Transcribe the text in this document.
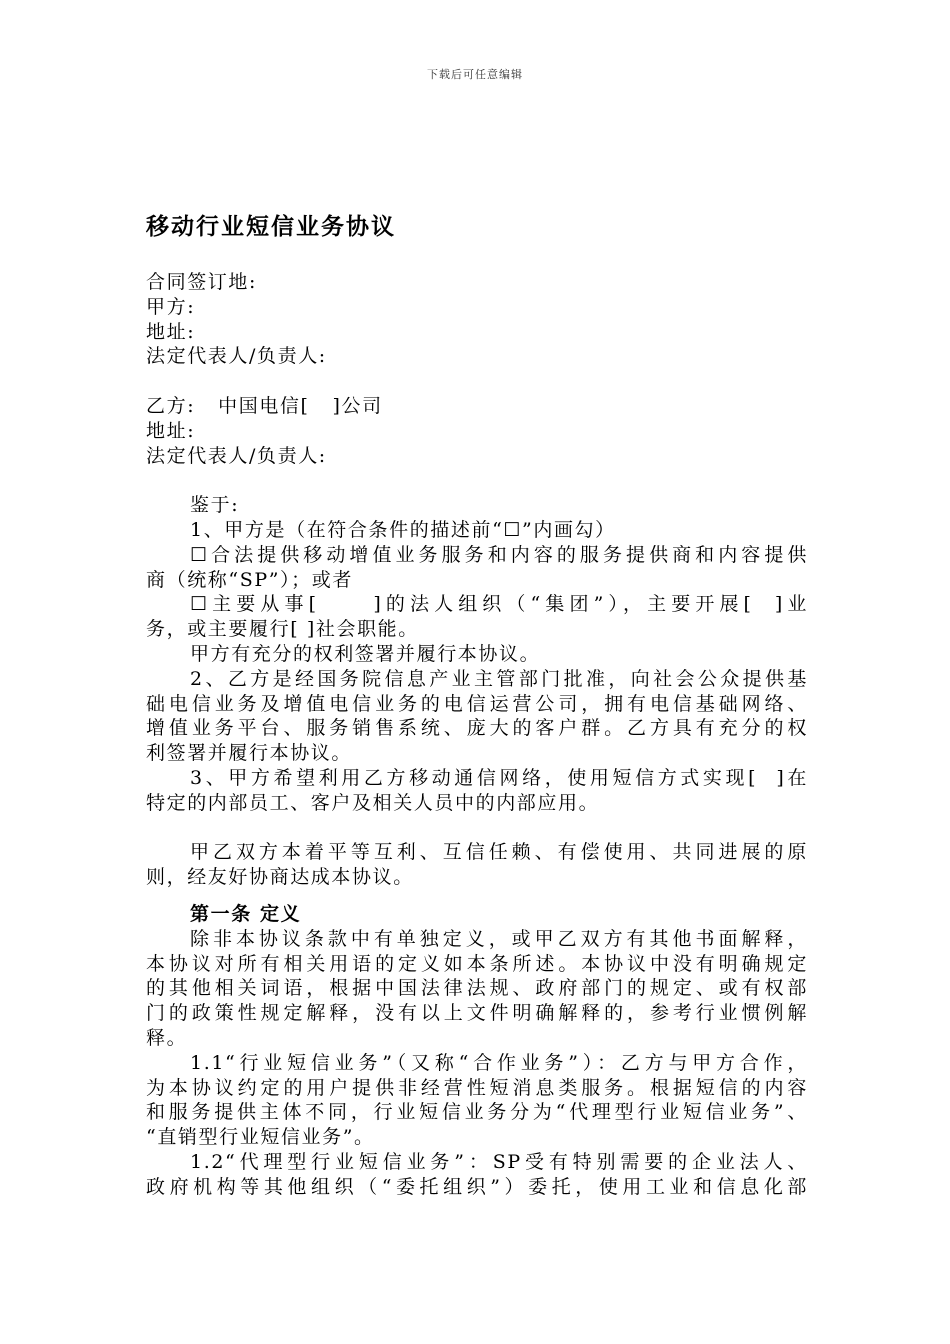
下载后可任意编辑
移动行业短信业务协议
合同签订地:
甲方:
地址:
法定代表人/负责人:
乙方:   中国电信[   ]公司
地址:
法定代表人/负责人:
鉴于:
1、甲方是（在符合条件的描述前“☐”内画勾）
☐合法提供移动增值业务服务和内容的服务提供商和内容提供
商（统称“SP”）；或者
☐主要从事[     ]的法人组织（“集团”），主要开展[  ]业
务，或主要履行[ ]社会职能。
甲方有充分的权利签署并履行本协议。
2、乙方是经国务院信息产业主管部门批准，向社会公众提供基
础电信业务及增值电信业务的电信运营公司，拥有电信基础网络、
增值业务平台、服务销售系统、庞大的客户群。乙方具有充分的权
利签署并履行本协议。
3、甲方希望利用乙方移动通信网络，使用短信方式实现[  ]在
特定的内部员工、客户及相关人员中的内部应用。
甲乙双方本着平等互利、互信任赖、有偿使用、共同进展的原
则，经友好协商达成本协议。
第一条 定义
除非本协议条款中有单独定义，或甲乙双方有其他书面解释，
本协议对所有相关用语的定义如本条所述。本协议中没有明确规定
的其他相关词语，根据中国法律法规、政府部门的规定、或有权部
门的政策性规定解释，没有以上文件明确解释的，参考行业惯例解
释。
1.1“行业短信业务”（又称“合作业务”）：乙方与甲方合作，
为本协议约定的用户提供非经营性短消息类服务。根据短信的内容
和服务提供主体不同，行业短信业务分为“代理型行业短信业务”、
“直销型行业短信业务”。
1.2“代理型行业短信业务”：SP受有特别需要的企业法人、
政府机构等其他组织（“委托组织”）委托，使用工业和信息化部
